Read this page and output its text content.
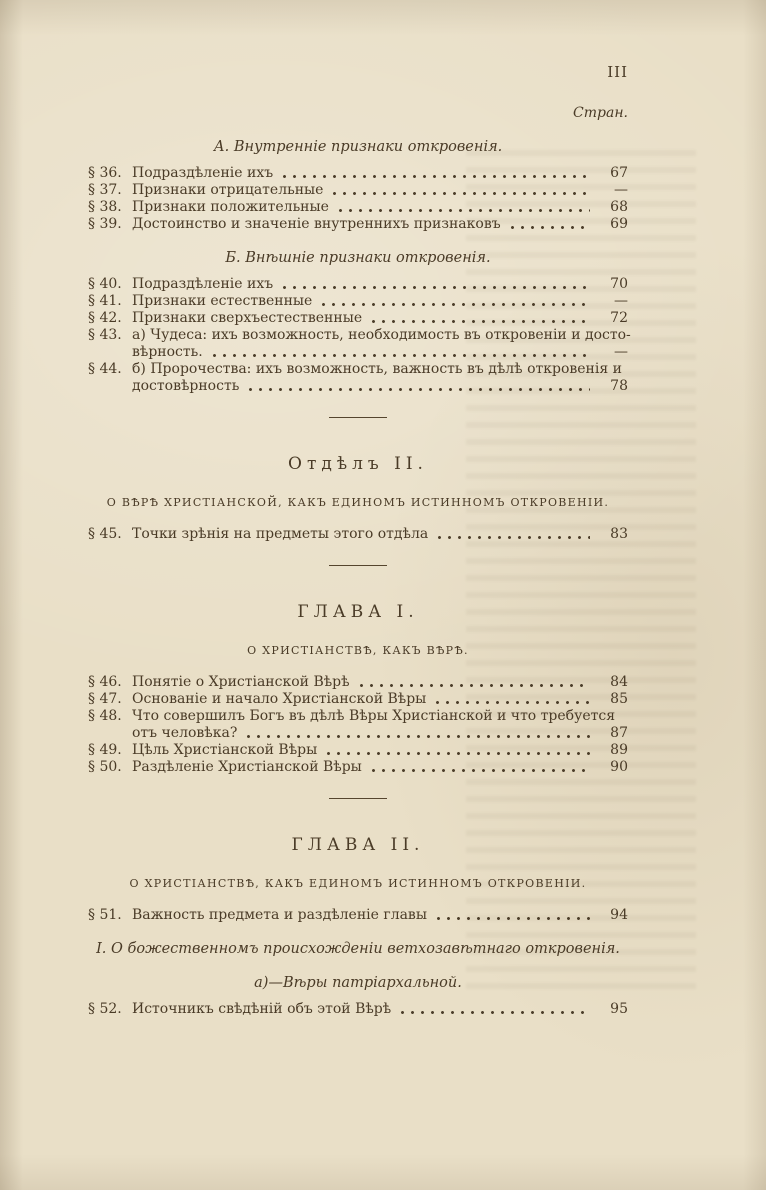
III
Стран.
А. Внутренніе признаки откровенія.
§ 36. Подраздѣленіе ихъ	67
§ 37. Признаки отрицательные	—
§ 38. Признаки положительные	68
§ 39. Достоинство и значеніе внутреннихъ признаковъ	69
Б. Внѣшніе признаки откровенія.
§ 40. Подраздѣленіе ихъ	70
§ 41. Признаки естественные	—
§ 42. Признаки сверхъестественные	72
§ 43. а) Чудеса: ихъ возможность, необходимость въ откровеніи и досто-
вѣрность.	—
§ 44. б) Пророчества: ихъ возможность, важность въ дѣлѣ откровенія и
достовѣрность	78
Отдѣлъ II.
О ВѢРѢ ХРИСТІАНСКОЙ, КАКЪ ЕДИНОМЪ ИСТИННОМЪ ОТКРОВЕНІИ.
§ 45. Точки зрѣнія на предметы этого отдѣла	83
ГЛАВА I.
О ХРИСТІАНСТВѢ, КАКЪ ВѢРѢ.
§ 46. Понятіе о Христіанской Вѣрѣ	84
§ 47. Основаніе и начало Христіанской Вѣры	85
§ 48. Что совершилъ Богъ въ дѣлѣ Вѣры Христіанской и что требуется
отъ человѣка?	87
§ 49. Цѣль Христіанской Вѣры	89
§ 50. Раздѣленіе Христіанской Вѣры	90
ГЛАВА II.
О ХРИСТІАНСТВѢ, КАКЪ ЕДИНОМЪ ИСТИННОМЪ ОТКРОВЕНІИ.
§ 51. Важность предмета и раздѣленіе главы	94
I. О божественномъ происхожденіи ветхозавѣтнаго откровенія.
а)—Вѣры патріархальной.
§ 52. Источникъ свѣдѣній объ этой Вѣрѣ	95
